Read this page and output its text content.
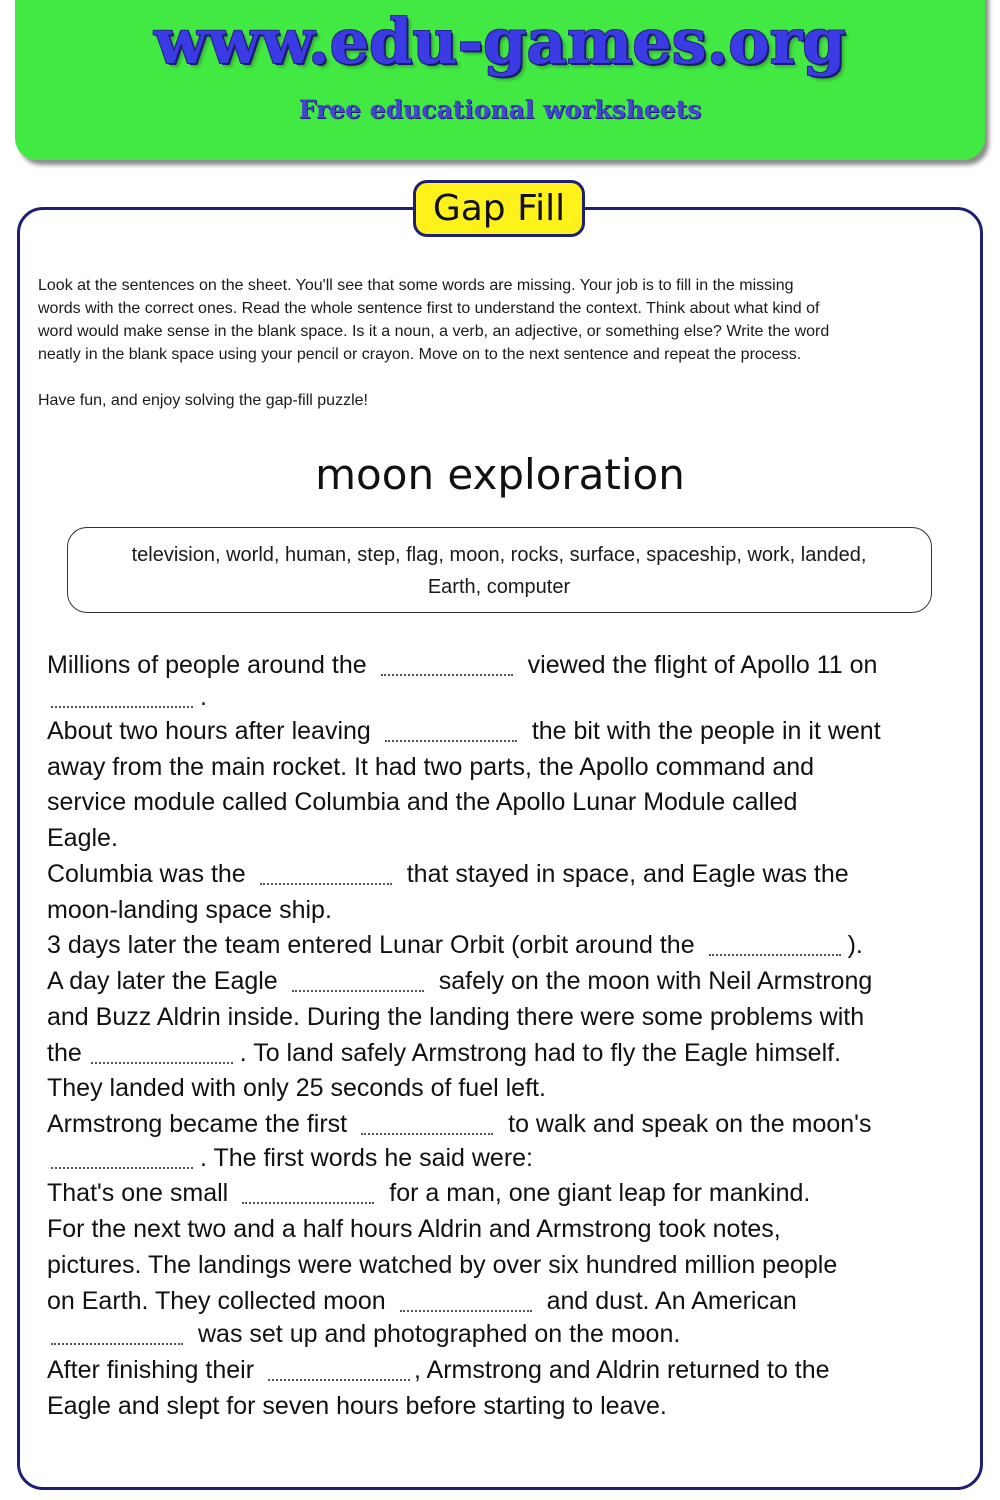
www.edu-games.org
Free educational worksheets
Gap Fill
Look at the sentences on the sheet. You'll see that some words are missing. Your job is to fill in the missing
words with the correct ones. Read the whole sentence first to understand the context. Think about what kind of
word would make sense in the blank space. Is it a noun, a verb, an adjective, or something else? Write the word
neatly in the blank space using your pencil or crayon. Move on to the next sentence and repeat the process.
Have fun, and enjoy solving the gap-fill puzzle!
moon exploration
television, world, human, step, flag, moon, rocks, surface, spaceship, work, landed,
Earth, computer
Millions of people around the	viewed the flight of Apollo 11 on
.
About two hours after leaving	the bit with the people in it went
away from the main rocket. It had two parts, the Apollo command and
service module called Columbia and the Apollo Lunar Module called
Eagle.
Columbia was the	that stayed in space, and Eagle was the
moon-landing space ship.
3 days later the team entered Lunar Orbit (orbit around the	).
A day later the Eagle	safely on the moon with Neil Armstrong
and Buzz Aldrin inside. During the landing there were some problems with
the	. To land safely Armstrong had to fly the Eagle himself.
They landed with only 25 seconds of fuel left.
Armstrong became the first	to walk and speak on the moon's
. The first words he said were:
That's one small	for a man, one giant leap for mankind.
For the next two and a half hours Aldrin and Armstrong took notes,
pictures. The landings were watched by over six hundred million people
on Earth. They collected moon	and dust. An American
was set up and photographed on the moon.
After finishing their	, Armstrong and Aldrin returned to the
Eagle and slept for seven hours before starting to leave.
